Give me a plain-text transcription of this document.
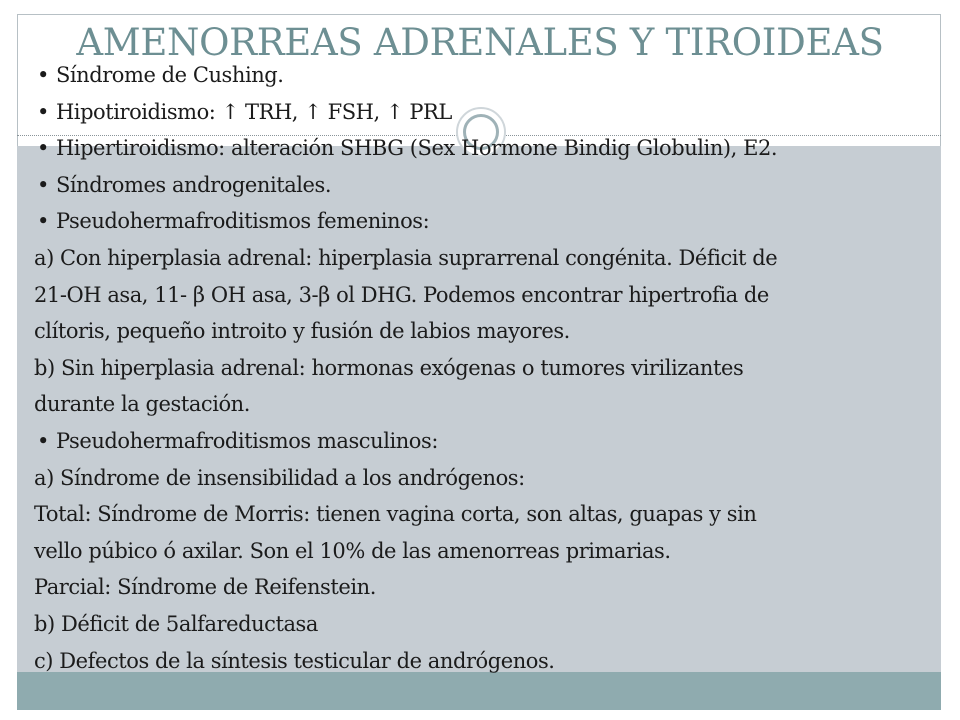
AMENORREAS ADRENALES Y TIROIDEAS
• Síndrome de Cushing.
• Hipotiroidismo: ↑ TRH, ↑ FSH, ↑ PRL
• Hipertiroidismo: alteración SHBG (Sex Hormone Bindig Globulin), E2.
• Síndromes androgenitales.
• Pseudohermafroditismos femeninos:
a) Con hiperplasia adrenal: hiperplasia suprarrenal congénita. Déficit de
21-OH asa, 11- β OH asa, 3-β ol DHG. Podemos encontrar hipertrofia de
clítoris, pequeño introito y fusión de labios mayores.
b) Sin hiperplasia adrenal: hormonas exógenas o tumores virilizantes
durante la gestación.
• Pseudohermafroditismos masculinos:
a) Síndrome de insensibilidad a los andrógenos:
Total: Síndrome de Morris: tienen vagina corta, son altas, guapas y sin
vello púbico ó axilar. Son el 10% de las amenorreas primarias.
Parcial: Síndrome de Reifenstein.
b) Déficit de 5alfareductasa
c) Defectos de la síntesis testicular de andrógenos.
